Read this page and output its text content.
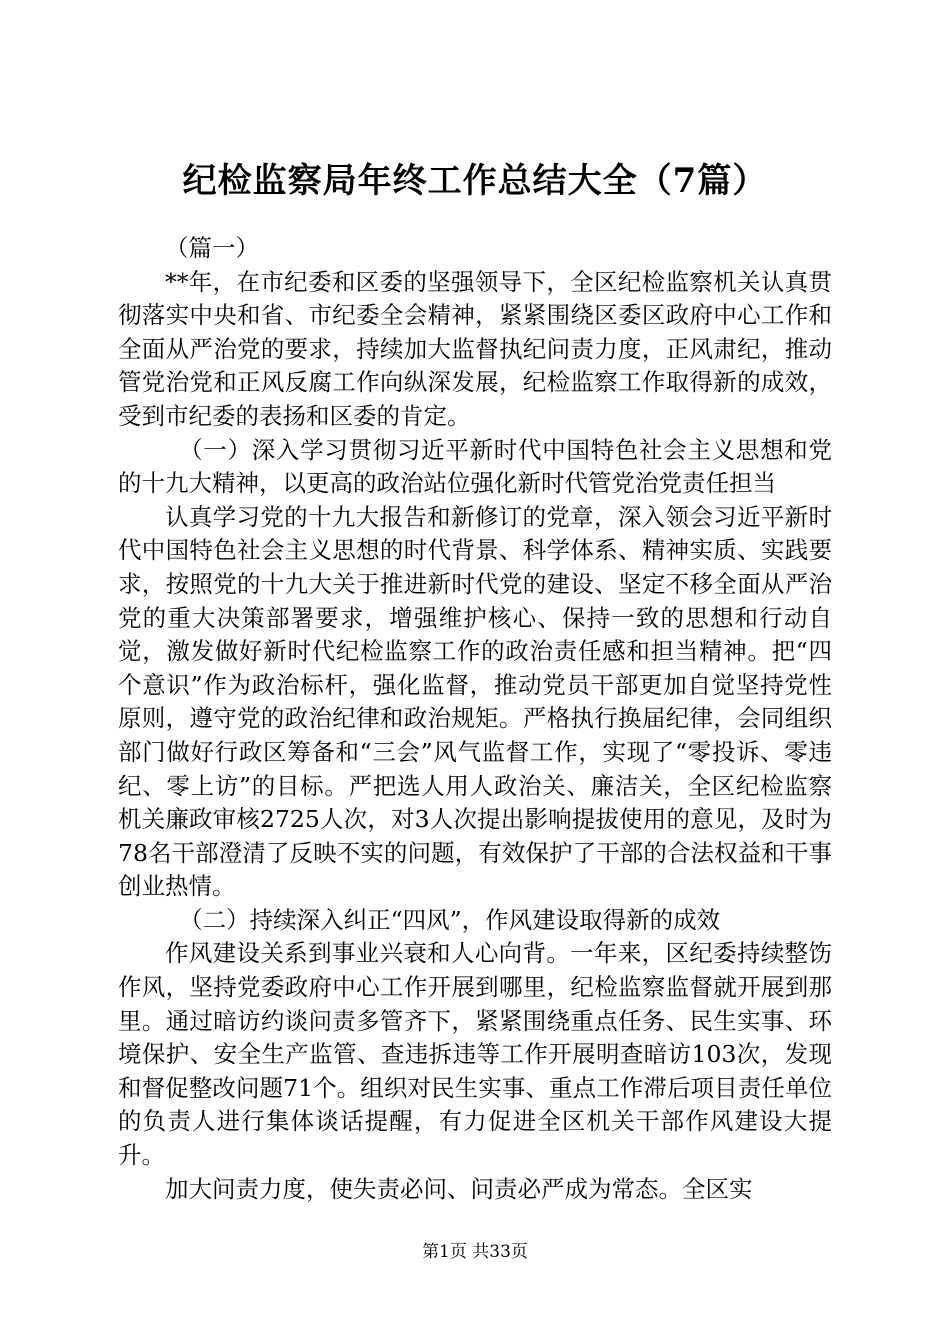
纪检监察局年终工作总结大全（7篇）

（篇一）

**年，在市纪委和区委的坚强领导下，全区纪检监察机关认真贯彻落实中央和省、市纪委全会精神，紧紧围绕区委区政府中心工作和全面从严治党的要求，持续加大监督执纪问责力度，正风肃纪，推动管党治党和正风反腐工作向纵深发展，纪检监察工作取得新的成效，受到市纪委的表扬和区委的肯定。

（一）深入学习贯彻习近平新时代中国特色社会主义思想和党的十九大精神，以更高的政治站位强化新时代管党治党责任担当

认真学习党的十九大报告和新修订的党章，深入领会习近平新时代中国特色社会主义思想的时代背景、科学体系、精神实质、实践要求，按照党的十九大关于推进新时代党的建设、坚定不移全面从严治党的重大决策部署要求，增强维护核心、保持一致的思想和行动自觉，激发做好新时代纪检监察工作的政治责任感和担当精神。把“四个意识”作为政治标杆，强化监督，推动党员干部更加自觉坚持党性原则，遵守党的政治纪律和政治规矩。严格执行换届纪律，会同组织部门做好行政区筹备和“三会”风气监督工作，实现了“零投诉、零违纪、零上访”的目标。严把选人用人政治关、廉洁关，全区纪检监察机关廉政审核2725人次，对3人次提出影响提拔使用的意见，及时为78名干部澄清了反映不实的问题，有效保护了干部的合法权益和干事创业热情。

（二）持续深入纠正“四风”，作风建设取得新的成效

作风建设关系到事业兴衰和人心向背。一年来，区纪委持续整饬作风，坚持党委政府中心工作开展到哪里，纪检监察监督就开展到那里。通过暗访约谈问责多管齐下，紧紧围绕重点任务、民生实事、环境保护、安全生产监管、查违拆违等工作开展明查暗访103次，发现和督促整改问题71个。组织对民生实事、重点工作滞后项目责任单位的负责人进行集体谈话提醒，有力促进全区机关干部作风建设大提升。

加大问责力度，使失责必问、问责必严成为常态。全区实

第1页 共33页
